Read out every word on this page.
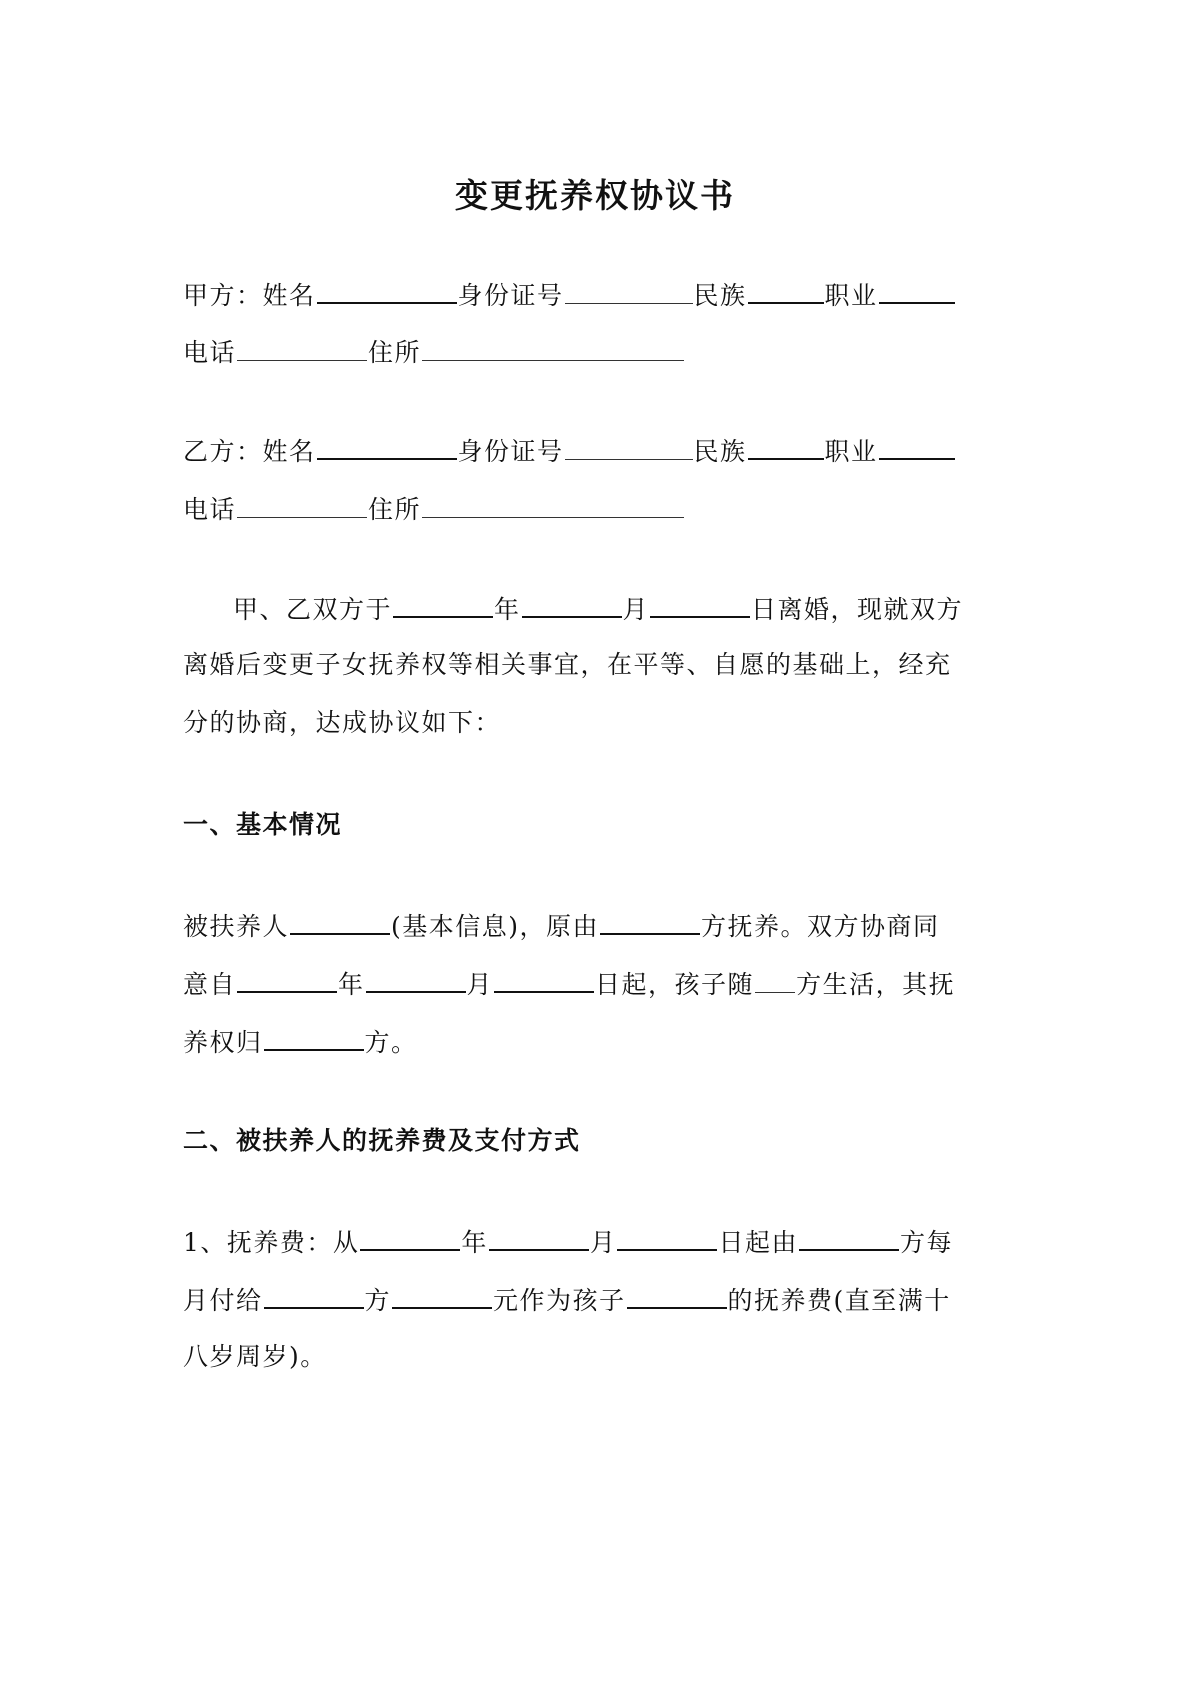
变更抚养权协议书
甲方：姓名	身份证号	民族	职业
电话	住所
乙方：姓名	身份证号	民族	职业
电话	住所
甲、乙双方于	年	月	日离婚，现就双方
离婚后变更子女抚养权等相关事宜，在平等、自愿的基础上，经充
分的协商，达成协议如下：
一、基本情况
被扶养人	(基本信息)，原由	方抚养。双方协商同
意自	年	月	日起，孩子随 方生活，其抚
养权归	方。
二、被扶养人的抚养费及支付方式
1、抚养费：从	年	月	日起由	方每
月付给	方	元作为孩子	的抚养费(直至满十
八岁周岁)。
